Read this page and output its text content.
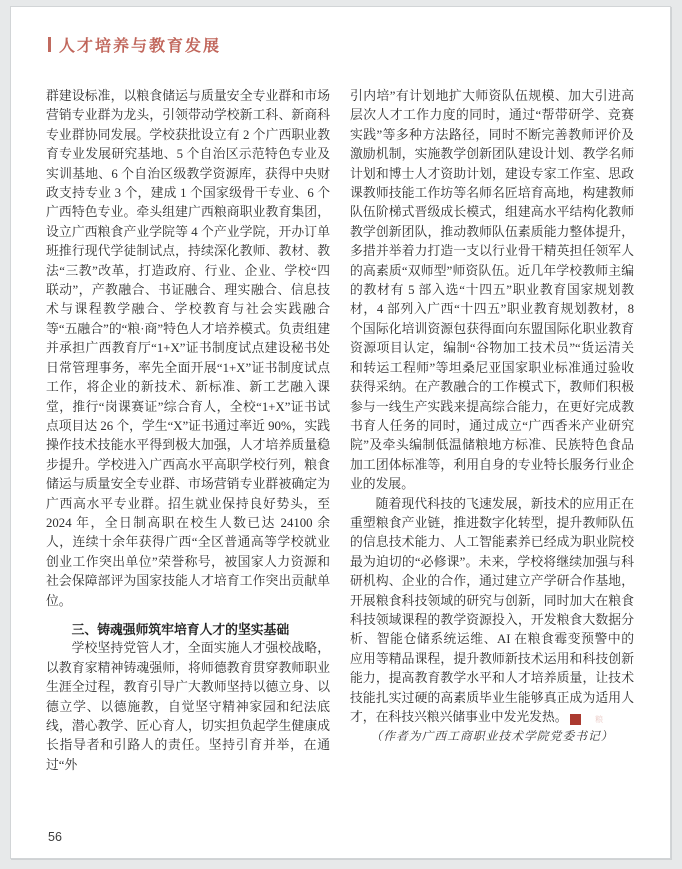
人才培养与教育发展

群建设标准，以粮食储运与质量安全专业群和市场营销专业群为龙头，引领带动学校新工科、新商科专业群协同发展。学校获批设立有 2 个广西职业教育专业发展研究基地、5 个自治区示范特色专业及实训基地、6 个自治区级教学资源库，获得中央财政支持专业 3 个，建成 1 个国家级骨干专业、6 个广西特色专业。牵头组建广西粮商职业教育集团，设立广西粮食产业学院等 4 个产业学院，开办订单班推行现代学徒制试点，持续深化教师、教材、教法“三教”改革，打造政府、行业、企业、学校“四联动”，产教融合、书证融合、理实融合、信息技术与课程教学融合、学校教育与社会实践融合等“五融合”的“粮·商”特色人才培养模式。负责组建并承担广西教育厅“1+X”证书制度试点建设秘书处日常管理事务，率先全面开展“1+X”证书制度试点工作，将企业的新技术、新标准、新工艺融入课堂，推行“岗课赛证”综合育人，全校“1+X”证书试点项目达 26 个，学生“X”证书通过率近 90%，实践操作技术技能水平得到极大加强，人才培养质量稳步提升。学校进入广西高水平高职学校行列，粮食储运与质量安全专业群、市场营销专业群被确定为广西高水平专业群。招生就业保持良好势头，至 2024 年，全日制高职在校生人数已达 24100 余人，连续十余年获得广西“全区普通高等学校就业创业工作突出单位”荣誉称号，被国家人力资源和社会保障部评为国家技能人才培育工作突出贡献单位。

三、铸魂强师筑牢培育人才的坚实基础

学校坚持党管人才，全面实施人才强校战略，以教育家精神铸魂强师，将师德教育贯穿教师职业生涯全过程，教育引导广大教师坚持以德立身、以德立学、以德施教，自觉坚守精神家园和纪法底线，潜心教学、匠心育人，切实担负起学生健康成长指导者和引路人的责任。坚持引育并举，在通过“外

引内培”有计划地扩大师资队伍规模、加大引进高层次人才工作力度的同时，通过“帮带研学、竞赛实践”等多种方法路径，同时不断完善教师评价及激励机制，实施教学创新团队建设计划、教学名师计划和博士人才资助计划，建设专家工作室、思政课教师技能工作坊等名师名匠培育高地，构建教师队伍阶梯式晋级成长模式，组建高水平结构化教师教学创新团队，推动教师队伍素质能力整体提升，多措并举着力打造一支以行业骨干精英担任领军人的高素质“双师型”师资队伍。近几年学校教师主编的教材有 5 部入选“十四五”职业教育国家规划教材，4 部列入广西“十四五”职业教育规划教材，8 个国际化培训资源包获得面向东盟国际化职业教育资源项目认定，编制“谷物加工技术员”“货运清关和转运工程师”等坦桑尼亚国家职业标准通过验收获得采纳。在产教融合的工作模式下，教师们积极参与一线生产实践来提高综合能力，在更好完成教书育人任务的同时，通过成立“广西香米产业研究院”及牵头编制低温储粮地方标准、民族特色食品加工团体标准等，利用自身的专业特长服务行业企业的发展。

随着现代科技的飞速发展，新技术的应用正在重塑粮食产业链，推进数字化转型，提升教师队伍的信息技术能力、人工智能素养已经成为职业院校最为迫切的“必修课”。未来，学校将继续加强与科研机构、企业的合作，通过建立产学研合作基地，开展粮食科技领域的研究与创新，同时加大在粮食科技领域课程的教学资源投入，开发粮食大数据分析、智能仓储系统运维、AI 在粮食霉变预警中的应用等精品课程，提升教师新技术运用和科技创新能力，提高教育教学水平和人才培养质量，让技术技能扎实过硬的高素质毕业生能够真正成为适用人才，在科技兴粮兴储事业中发光发热。	粮

（作者为广西工商职业技术学院党委书记）

56
